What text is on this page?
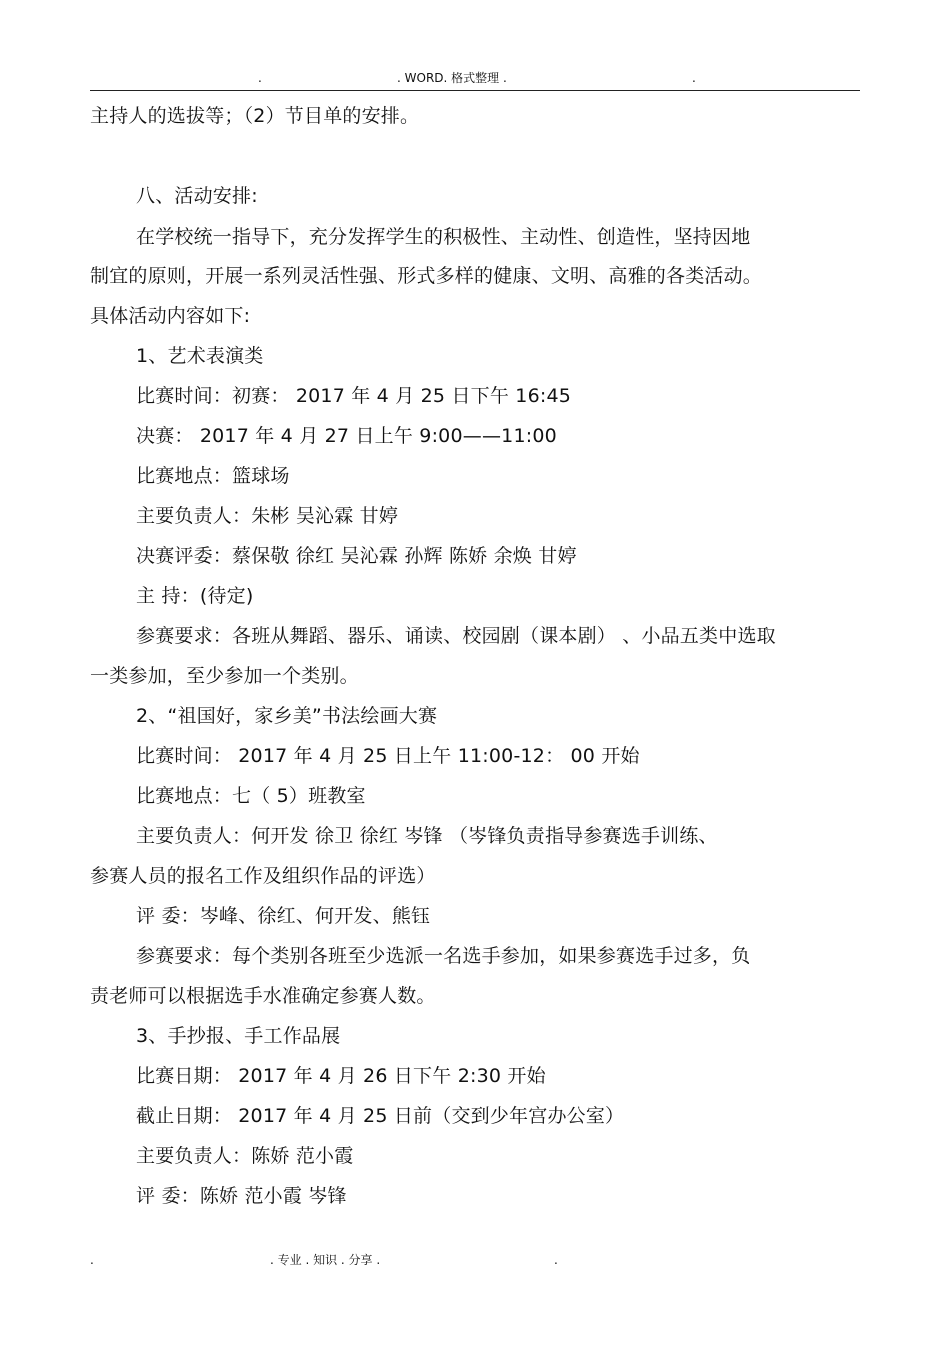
.	. WORD. 格式整理 .	.
主持人的选拔等；（2）节目单的安排。
八、活动安排:
在学校统一指导下，充分发挥学生的积极性、主动性、创造性，坚持因地
制宜的原则，开展一系列灵活性强、形式多样的健康、文明、高雅的各类活动。
具体活动内容如下:
1、艺术表演类
比赛时间：初赛： 2017 年 4 月 25 日下午 16:45
决赛： 2017 年 4 月 27 日上午 9:00——11:00
比赛地点：篮球场
主要负责人：朱彬 吴沁霖 甘婷
决赛评委：蔡保敬 徐红 吴沁霖 孙辉 陈娇 余焕 甘婷
主 持：(待定)
参赛要求：各班从舞蹈、器乐、诵读、校园剧（课本剧） 、小品五类中选取
一类参加，至少参加一个类别。
2、“祖国好，家乡美”书法绘画大赛
比赛时间： 2017 年 4 月 25 日上午 11:00-12： 00 开始
比赛地点：七（ 5）班教室
主要负责人：何开发 徐卫 徐红 岑锋 （岑锋负责指导参赛选手训练、
参赛人员的报名工作及组织作品的评选）
评 委：岑峰、徐红、何开发、熊钰
参赛要求：每个类别各班至少选派一名选手参加，如果参赛选手过多，负
责老师可以根据选手水准确定参赛人数。
3、手抄报、手工作品展
比赛日期： 2017 年 4 月 26 日下午 2:30 开始
截止日期： 2017 年 4 月 25 日前（交到少年宫办公室）
主要负责人：陈娇 范小霞
评 委：陈娇 范小霞 岑锋
.	. 专业 . 知识 . 分享 .	.
